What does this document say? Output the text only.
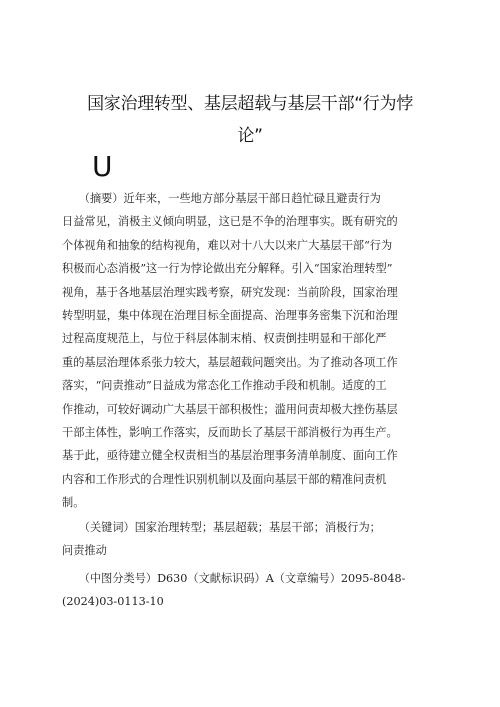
国家治理转型、基层超载与基层干部“行为悖
论”
U
　　（摘要）近年来，一些地方部分基层干部日趋忙碌且避责行为
日益常见，消极主义倾向明显，这已是不争的治理事实。既有研究的
个体视角和抽象的结构视角，难以对十八大以来广大基层干部“行为
积极而心态消极”这一行为悖论做出充分解释。引入“国家治理转型”
视角，基于各地基层治理实践考察，研究发现：当前阶段，国家治理
转型明显，集中体现在治理目标全面提高、治理事务密集下沉和治理
过程高度规范上，与位于科层体制末梢、权责倒挂明显和干部化严
重的基层治理体系张力较大，基层超载问题突出。为了推动各项工作
落实，“问责推动”日益成为常态化工作推动手段和机制。适度的工
作推动，可较好调动广大基层干部积极性；滥用问责却极大挫伤基层
干部主体性，影响工作落实，反而助长了基层干部消极行为再生产。
基于此，亟待建立健全权责相当的基层治理事务清单制度、面向工作
内容和工作形式的合理性识别机制以及面向基层干部的精准问责机
制。
　　（关键词）国家治理转型；基层超载；基层干部；消极行为；
问责推动
　　（中图分类号）D630（文献标识码）A（文章编号）2095-8048-
(2024)03-0113-10
